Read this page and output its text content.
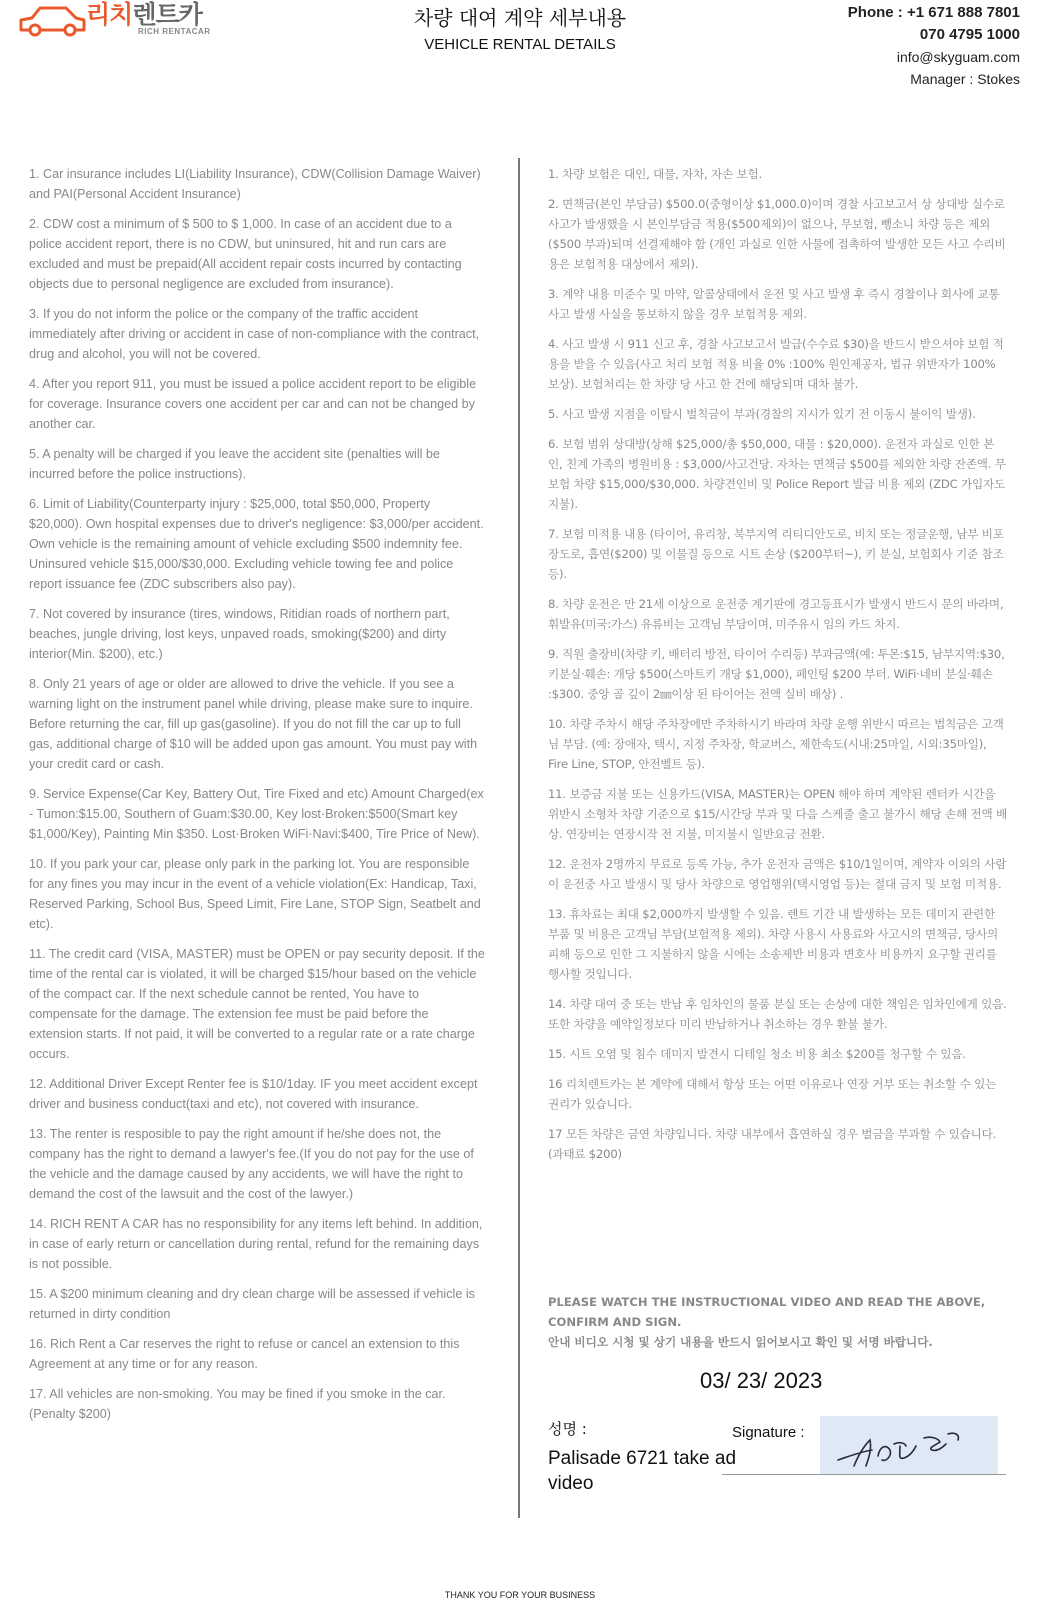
리치렌트카
RICH RENTACAR
차량 대여 계약 세부내용
VEHICLE RENTAL DETAILS
Phone : +1 671 888 7801
070 4795 1000
info@skyguam.com
Manager : Stokes

1. Car insurance includes LI(Liability Insurance), CDW(Collision Damage Waiver) and PAI(Personal Accident Insurance)

2. CDW cost a minimum of $ 500 to $ 1,000. In case of an accident due to a police accident report, there is no CDW, but uninsured, hit and run cars are excluded and must be prepaid(All accident repair costs incurred by contacting objects due to personal negligence are excluded from insurance).

3. If you do not inform the police or the company of the traffic accident immediately after driving or accident in case of non-compliance with the contract, drug and alcohol, you will not be covered.

4. After you report 911, you must be issued a police accident report to be eligible for coverage. Insurance covers one accident per car and can not be changed by another car.

5. A penalty will be charged if you leave the accident site (penalties will be incurred before the police instructions).

6. Limit of Liability(Counterparty injury : $25,000, total $50,000, Property $20,000). Own hospital expenses due to driver's negligence: $3,000/per accident. Own vehicle is the remaining amount of vehicle excluding $500 indemnity fee. Uninsured vehicle $15,000/$30,000. Excluding vehicle towing fee and police report issuance fee (ZDC subscribers also pay).

7. Not covered by insurance (tires, windows, Ritidian roads of northern part, beaches, jungle driving, lost keys, unpaved roads, smoking($200) and dirty interior(Min. $200), etc.)

8. Only 21 years of age or older are allowed to drive the vehicle. If you see a warning light on the instrument panel while driving, please make sure to inquire. Before returning the car, fill up gas(gasoline). If you do not fill the car up to full gas, additional charge of $10 will be added upon gas amount. You must pay with your credit card or cash.

9. Service Expense(Car Key, Battery Out, Tire Fixed and etc) Amount Charged(ex - Tumon:$15.00, Southern of Guam:$30.00, Key lost·Broken:$500(Smart key $1,000/Key), Painting Min $350. Lost·Broken WiFi·Navi:$400, Tire Price of New).

10. If you park your car, please only park in the parking lot. You are responsible for any fines you may incur in the event of a vehicle violation(Ex: Handicap, Taxi, Reserved Parking, School Bus, Speed Limit, Fire Lane, STOP Sign, Seatbelt and etc).

11. The credit card (VISA, MASTER) must be OPEN or pay security deposit. If the time of the rental car is violated, it will be charged $15/hour based on the vehicle of the compact car. If the next schedule cannot be rented, You have to compensate for the damage. The extension fee must be paid before the extension starts. If not paid, it will be converted to a regular rate or a rate charge occurs.

12. Additional Driver Except Renter fee is $10/1day. IF you meet accident except driver and business conduct(taxi and etc), not covered with insurance.

13. The renter is resposible to pay the right amount if he/she does not, the company has the right to demand a lawyer's fee.(If you do not pay for the use of the vehicle and the damage caused by any accidents, we will have the right to demand the cost of the lawsuit and the cost of the lawyer.)

14. RICH RENT A CAR has no responsibility for any items left behind. In addition, in case of early return or cancellation during rental, refund for the remaining days is not possible.

15. A $200 minimum cleaning and dry clean charge will be assessed if vehicle is returned in dirty condition

16. Rich Rent a Car reserves the right to refuse or cancel an extension to this Agreement at any time or for any reason.

17. All vehicles are non-smoking. You may be fined if you smoke in the car. (Penalty $200)

1. 차량 보험은 대인, 대물, 자차, 자손 보험.

2. 면책금(본인 부담금) $500.0(중형이상 $1,000.0)이며 경찰 사고보고서 상 상대방 실수로 사고가 발생했을 시 본인부담금 적용($500제외)이 없으나, 무보험, 뺑소니 차량 등은 제외($500 부과)되며 선결제해야 함 (개인 과실로 인한 사물에 접촉하여 발생한 모든 사고 수리비용은 보험적용 대상에서 제외).

3. 계약 내용 미준수 및 마약, 알콜상태에서 운전 및 사고 발생 후 즉시 경찰이나 회사에 교통 사고 발생 사실을 통보하지 않을 경우 보험적용 제외.

4. 사고 발생 시 911 신고 후, 경찰 사고보고서 발급(수수료 $30)을 반드시 받으셔야 보험 적용을 받을 수 있음(사고 처리 보험 적용 비율 0% :100% 원인제공자, 법규 위반자가 100% 보상). 보험처리는 한 차량 당 사고 한 건에 해당되며 대차 불가.

5. 사고 발생 지점을 이탈시 벌칙금이 부과(경찰의 지시가 있기 전 이동시 불이익 발생).

6. 보험 범위 상대방(상해 $25,000/총 $50,000, 대물 : $20,000). 운전자 과실로 인한 본인, 친계 가족의 병원비용 : $3,000/사고건당. 자차는 면책금 $500를 제외한 차량 잔존액. 무보험 차량 $15,000/$30,000. 차량견인비 및 Police Report 발급 비용 제외 (ZDC 가입자도 지불).

7. 보험 미적용 내용 (타이어, 유리창, 북부지역 리티디안도로, 비치 또는 정글운행, 남부 비포장도로, 흡연($200) 및 이물질 등으로 시트 손상 ($200부터~), 키 분실, 보험회사 기준 참조 등).

8. 차량 운전은 만 21세 이상으로 운전중 계기판에 경고등표시가 발생시 반드시 문의 바라며, 휘발유(미국:가스) 유류비는 고객님 부담이며, 미주유시 임의 카드 차지.

9. 직원 출장비(차량 키, 배터리 방전, 타이어 수리등) 부과금액(예: 투몬:$15, 남부지역:$30, 키분실·훼손: 개당 $500(스마트키 개당 $1,000), 페인팅 $200 부터. WiFi·네비 분실·훼손 :$300. 중앙 골 깊이 2㎜이상 된 타이어는 전액 실비 배상) .

10. 차량 주차시 해당 주차장에만 주차하시기 바라며 차량 운행 위반시 따르는 법칙금은 고객님 부담. (예: 장애자, 택시, 지정 주차장, 학교버스, 제한속도(시내:25마일, 시외:35마일), Fire Line, STOP, 안전벨트 등).

11. 보증금 지불 또는 신용카드(VISA, MASTER)는 OPEN 해야 하며 계약된 렌터카 시간을 위반시 소형차 차량 기준으로 $15/시간당 부과 및 다음 스케줄 출고 불가시 해당 손해 전액 배상. 연장비는 연장시작 전 지불, 미지불시 일반요금 전환.

12. 운전자 2명까지 무료로 등록 가능, 추가 운전자 금액은 $10/1일이며, 계약자 이외의 사람이 운전중 사고 발생시 및 당사 차량으로 영업행위(택시영업 등)는 절대 금지 및 보험 미적용.

13. 휴차료는 최대 $2,000까지 발생할 수 있음. 렌트 기간 내 발생하는 모든 데미지 관련한 부품 및 비용은 고객님 부담(보험적용 제외). 차량 사용시 사용료와 사고시의 면책금, 당사의 피해 등으로 인한 그 지불하지 않을 시에는 소송제반 비용과 변호사 비용까지 요구할 권리를 행사할 것입니다.

14. 차량 대여 중 또는 반납 후 임차인의 물품 분실 또는 손상에 대한 책임은 임차인에게 있음. 또한 차량을 예약일정보다 미리 반납하거나 취소하는 경우 환불 불가.

15. 시트 오염 및 침수 데미지 발견시 디테일 청소 비용 최소 $200를 청구할 수 있음.

16 리치렌트카는 본 계약에 대해서 항상 또는 어떤 이유로나 연장 거부 또는 취소할 수 있는 권리가 있습니다.

17 모든 차량은 금연 차량입니다. 차량 내부에서 흡연하실 경우 벌금을 부과할 수 있습니다. (과태료 $200)

PLEASE WATCH THE INSTRUCTIONAL VIDEO AND READ THE ABOVE, CONFIRM AND SIGN.
안내 비디오 시청 및 상기 내용을 반드시 읽어보시고 확인 및 서명 바랍니다.
03/ 23/ 2023
성명 :
Palisade 6721 take ad video
Signature :
THANK YOU FOR YOUR BUSINESS
